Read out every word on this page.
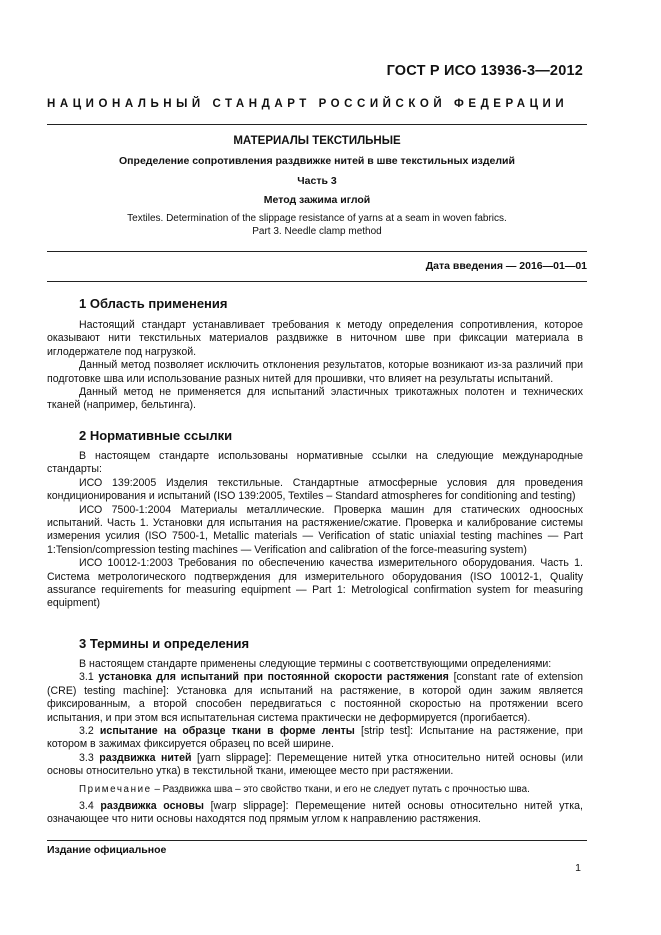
ГОСТ Р ИСО 13936-3—2012
НАЦИОНАЛЬНЫЙ СТАНДАРТ РОССИЙСКОЙ ФЕДЕРАЦИИ
МАТЕРИАЛЫ ТЕКСТИЛЬНЫЕ
Определение сопротивления раздвижке нитей в шве текстильных изделий
Часть 3
Метод зажима иглой
Textiles. Determination of the slippage resistance of yarns at a seam in woven fabrics.
Part 3. Needle clamp method
Дата введения — 2016—01—01
1 Область применения

Настоящий стандарт устанавливает требования к методу определения сопротивления, которое оказывают нити текстильных материалов раздвижке в ниточном шве при фиксации материала в иглодержателе под нагрузкой.

Данный метод позволяет исключить отклонения результатов, которые возникают из-за различий при подготовке шва или использование разных нитей для прошивки, что влияет на результаты испытаний.

Данный метод не применяется для испытаний эластичных трикотажных полотен и технических тканей (например, бельтинга).

2 Нормативные ссылки

В настоящем стандарте использованы нормативные ссылки на следующие международные стандарты:

ИСО 139:2005 Изделия текстильные. Стандартные атмосферные условия для проведения кондиционирования и испытаний (ISO 139:2005, Textiles – Standard atmospheres for conditioning and testing)

ИСО 7500-1:2004 Материалы металлические. Проверка машин для статических одноосных испытаний. Часть 1. Установки для испытания на растяжение/сжатие. Проверка и калибрование системы измерения усилия (ISO 7500-1, Metallic materials — Verification of static uniaxial testing machines — Part 1:Tension/compression testing machines — Verification and calibration of the force-measuring system)

ИСО 10012-1:2003 Требования по обеспечению качества измерительного оборудования. Часть 1. Система метрологического подтверждения для измерительного оборудования (ISO 10012-1, Quality assurance requirements for measuring equipment — Part 1: Metrological confirmation system for measuring equipment)

3 Термины и определения

В настоящем стандарте применены следующие термины с соответствующими определениями:

3.1 установка для испытаний при постоянной скорости растяжения [constant rate of extension (CRE) testing machine]: Установка для испытаний на растяжение, в которой один зажим является фиксированным, а второй способен передвигаться с постоянной скоростью на протяжении всего испытания, и при этом вся испытательная система практически не деформируется (прогибается).

3.2 испытание на образце ткани в форме ленты [strip test]: Испытание на растяжение, при котором в зажимах фиксируется образец по всей ширине.

3.3 раздвижка нитей [yarn slippage]: Перемещение нитей утка относительно нитей основы (или основы относительно утка) в текстильной ткани, имеющее место при растяжении.

Примечание – Раздвижка шва – это свойство ткани, и его не следует путать с прочностью шва.

3.4 раздвижка основы [warp slippage]: Перемещение нитей основы относительно нитей утка, означающее что нити основы находятся под прямым углом к направлению растяжения.

Издание официальное
1
